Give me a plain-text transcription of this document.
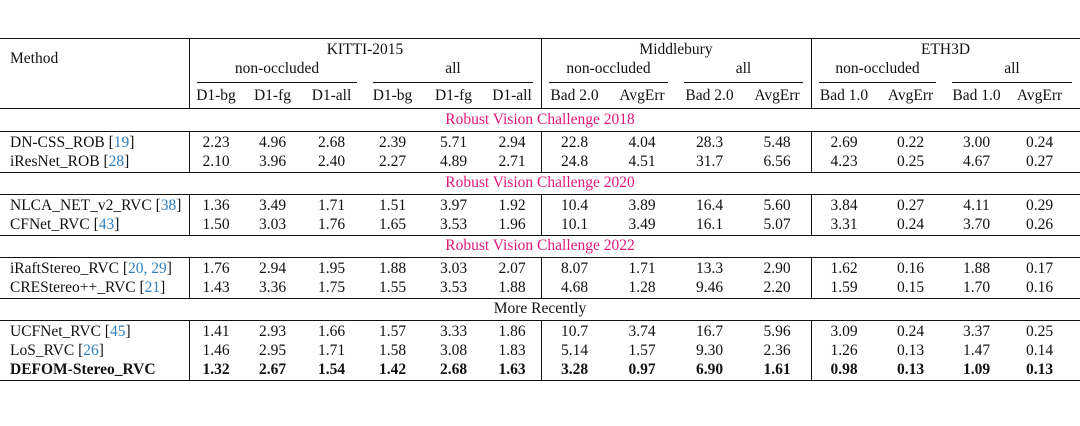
KITTI-2015	Middlebury	ETH3D
Method
non-occluded	all	non-occluded	all	non-occluded	all
D1-bg	D1-fg	D1-all	D1-bg	D1-fg	D1-all	Bad 2.0	AvgErr	Bad 2.0	AvgErr	Bad 1.0	AvgErr	Bad 1.0	AvgErr
Robust Vision Challenge 2018
DN-CSS_ROB [19]	2.23	4.96	2.68	2.39	5.71	2.94	22.8	4.04	28.3	5.48	2.69	0.22	3.00	0.24
iResNet_ROB [28]	2.10	3.96	2.40	2.27	4.89	2.71	24.8	4.51	31.7	6.56	4.23	0.25	4.67	0.27
Robust Vision Challenge 2020
NLCA_NET_v2_RVC [38]	1.36	3.49	1.71	1.51	3.97	1.92	10.4	3.89	16.4	5.60	3.84	0.27	4.11	0.29
CFNet_RVC [43]	1.50	3.03	1.76	1.65	3.53	1.96	10.1	3.49	16.1	5.07	3.31	0.24	3.70	0.26
Robust Vision Challenge 2022
iRaftStereo_RVC [20, 29]	1.76	2.94	1.95	1.88	3.03	2.07	8.07	1.71	13.3	2.90	1.62	0.16	1.88	0.17
CREStereo++_RVC [21]	1.43	3.36	1.75	1.55	3.53	1.88	4.68	1.28	9.46	2.20	1.59	0.15	1.70	0.16
More Recently
UCFNet_RVC [45]	1.41	2.93	1.66	1.57	3.33	1.86	10.7	3.74	16.7	5.96	3.09	0.24	3.37	0.25
LoS_RVC [26]	1.46	2.95	1.71	1.58	3.08	1.83	5.14	1.57	9.30	2.36	1.26	0.13	1.47	0.14
DEFOM-Stereo_RVC	1.32	2.67	1.54	1.42	2.68	1.63	3.28	0.97	6.90	1.61	0.98	0.13	1.09	0.13
